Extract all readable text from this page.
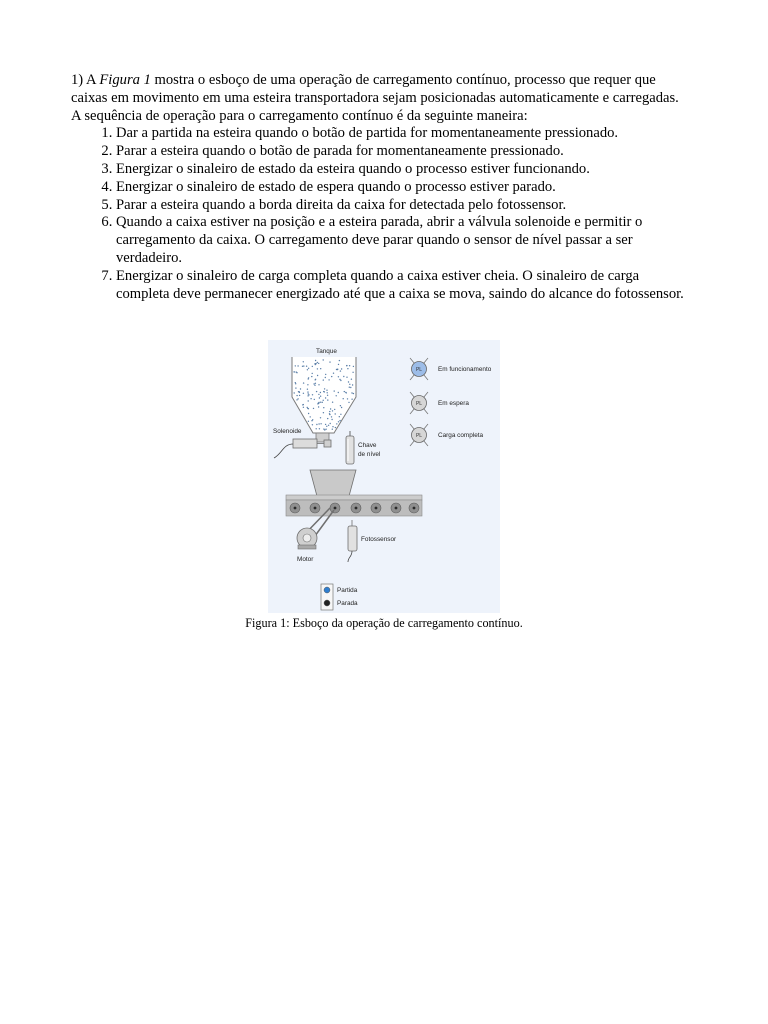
1) A Figura 1 mostra o esboço de uma operação de carregamento contínuo, processo que requer que caixas em movimento em uma esteira transportadora sejam posicionadas automaticamente e carregadas.

A sequência de operação para o carregamento contínuo é da seguinte maneira:

1. Dar a partida na esteira quando o botão de partida for momentaneamente pressionado.
2. Parar a esteira quando o botão de parada for momentaneamente pressionado.
3. Energizar o sinaleiro de estado da esteira quando o processo estiver funcionando.
4. Energizar o sinaleiro de estado de espera quando o processo estiver parado.
5. Parar a esteira quando a borda direita da caixa for detectada pelo fotossensor.
6. Quando a caixa estiver na posição e a esteira parada, abrir a válvula solenoide e permitir o carregamento da caixa. O carregamento deve parar quando o sensor de nível passar a ser verdadeiro.
7. Energizar o sinaleiro de carga completa quando a caixa estiver cheia. O sinaleiro de carga completa deve permanecer energizado até que a caixa se mova, saindo do alcance do fotossensor.
Tanque
Solenoide
Chave
de nível
Motor
Fotossensor
PL Em funcionamento
PL Em espera
PL Carga completa
Partida
Parada
Figura 1: Esboço da operação de carregamento contínuo.
